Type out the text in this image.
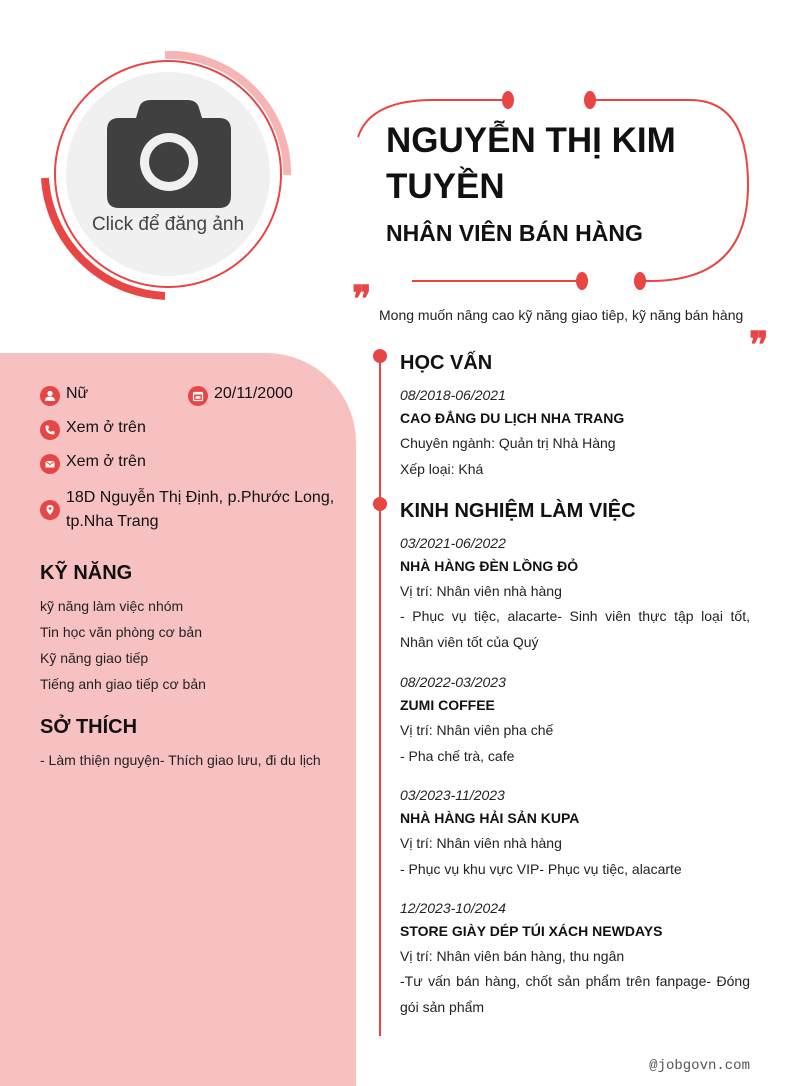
Click để đăng ảnh
NGUYỄN THỊ KIM
TUYỀN
NHÂN VIÊN BÁN HÀNG
❞ Mong muốn nâng cao kỹ năng giao tiêp, kỹ năng bán hàng
❞
Nữ	20/11/2000
Xem ở trên
Xem ở trên
18D Nguyễn Thị Định, p.Phước Long,
tp.Nha Trang
KỸ NĂNG
kỹ năng làm việc nhóm
Tin học văn phòng cơ bản
Kỹ năng giao tiếp
Tiếng anh giao tiếp cơ bản
SỞ THÍCH
- Làm thiện nguyện- Thích giao lưu, đi du lịch
HỌC VẤN
08/2018-06/2021
CAO ĐẲNG DU LỊCH NHA TRANG
Chuyên ngành: Quản trị Nhà Hàng
Xếp loại: Khá
KINH NGHIỆM LÀM VIỆC
03/2021-06/2022
NHÀ HÀNG ĐÈN LỒNG ĐỎ
Vị trí: Nhân viên nhà hàng
- Phục vụ tiệc, alacarte- Sinh viên thực tập loại tốt, Nhân viên tốt của Quý
08/2022-03/2023
ZUMI COFFEE
Vị trí: Nhân viên pha chế
- Pha chế trà, cafe
03/2023-11/2023
NHÀ HÀNG HẢI SẢN KUPA
Vị trí: Nhân viên nhà hàng
- Phục vụ khu vực VIP- Phục vụ tiệc, alacarte
12/2023-10/2024
STORE GIÀY DÉP TÚI XÁCH NEWDAYS
Vị trí: Nhân viên bán hàng, thu ngân
-Tư vấn bán hàng, chốt sản phẩm trên fanpage- Đóng gói sản phẩm
@jobgovn.com
